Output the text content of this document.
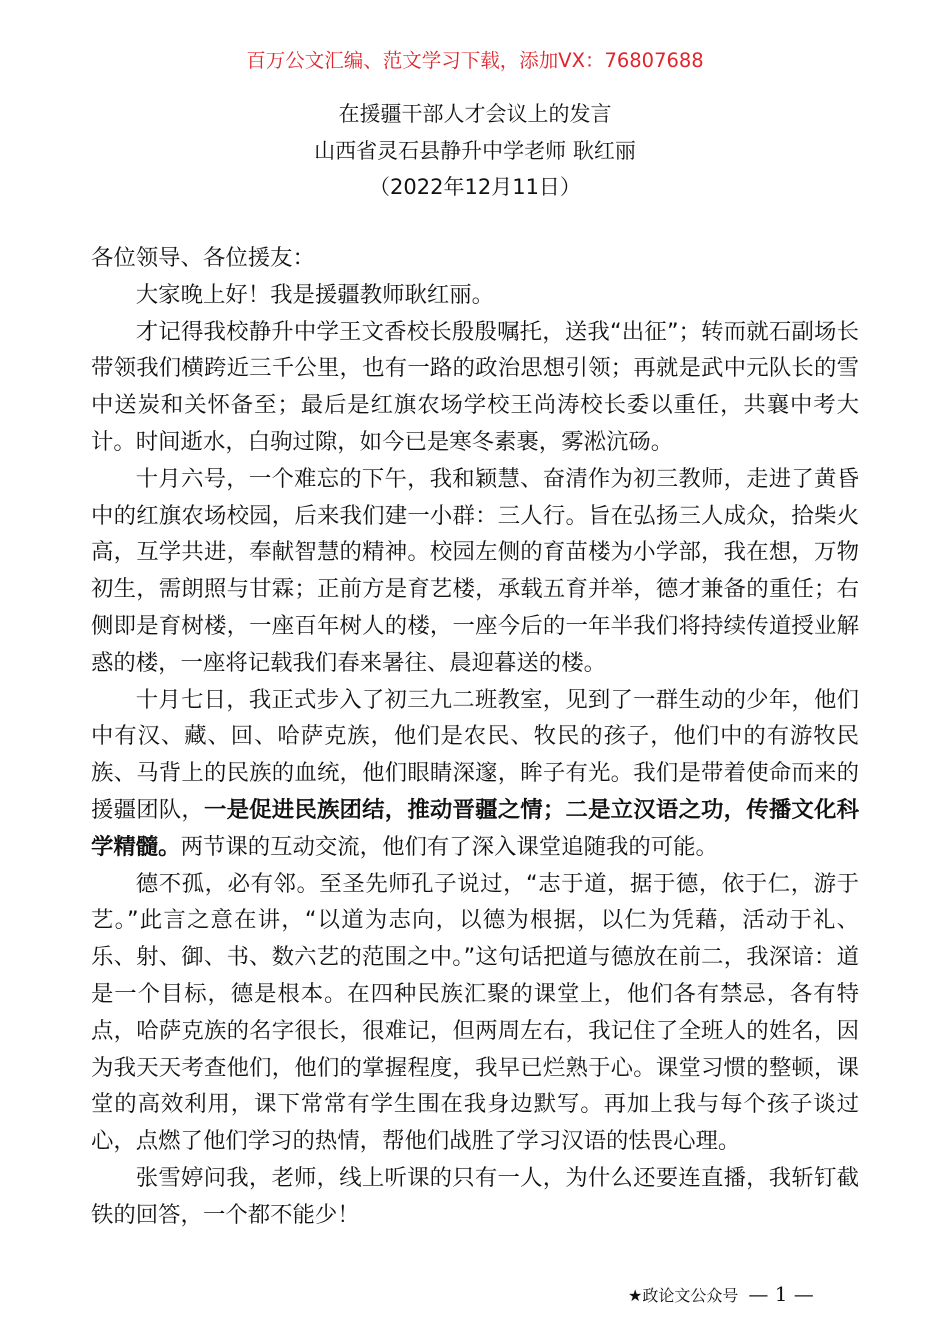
百万公文汇编、范文学习下载，添加VX：76807688
在援疆干部人才会议上的发言
山西省灵石县静升中学老师 耿红丽
（2022年12月11日）

各位领导、各位援友：

大家晚上好！我是援疆教师耿红丽。

才记得我校静升中学王文香校长殷殷嘱托，送我“出征”；转而就石副场长带领我们横跨近三千公里，也有一路的政治思想引领；再就是武中元队长的雪中送炭和关怀备至；最后是红旗农场学校王尚涛校长委以重任，共襄中考大计。时间逝水，白驹过隙，如今已是寒冬素裹，雾淞沆砀。

十月六号，一个难忘的下午，我和颖慧、奋清作为初三教师，走进了黄昏中的红旗农场校园，后来我们建一小群：三人行。旨在弘扬三人成众，拾柴火高，互学共进，奉献智慧的精神。校园左侧的育苗楼为小学部，我在想，万物初生，需朗照与甘霖；正前方是育艺楼，承载五育并举，德才兼备的重任；右侧即是育树楼，一座百年树人的楼，一座今后的一年半我们将持续传道授业解惑的楼，一座将记载我们春来暑往、晨迎暮送的楼。

十月七日，我正式步入了初三九二班教室，见到了一群生动的少年，他们中有汉、藏、回、哈萨克族，他们是农民、牧民的孩子，他们中的有游牧民族、马背上的民族的血统，他们眼睛深邃，眸子有光。我们是带着使命而来的援疆团队，一是促进民族团结，推动晋疆之情；二是立汉语之功，传播文化科学精髓。两节课的互动交流，他们有了深入课堂追随我的可能。

德不孤，必有邻。至圣先师孔子说过，“志于道，据于德，依于仁，游于艺。”此言之意在讲，“以道为志向，以德为根据，以仁为凭藉，活动于礼、乐、射、御、书、数六艺的范围之中。”这句话把道与德放在前二，我深谙：道是一个目标，德是根本。在四种民族汇聚的课堂上，他们各有禁忌，各有特点，哈萨克族的名字很长，很难记，但两周左右，我记住了全班人的姓名，因为我天天考查他们，他们的掌握程度，我早已烂熟于心。课堂习惯的整顿，课堂的高效利用，课下常常有学生围在我身边默写。再加上我与每个孩子谈过心，点燃了他们学习的热情，帮他们战胜了学习汉语的怯畏心理。

张雪婷问我，老师，线上听课的只有一人，为什么还要连直播，我斩钉截铁的回答，一个都不能少！

★政论文公众号 — 1 —
